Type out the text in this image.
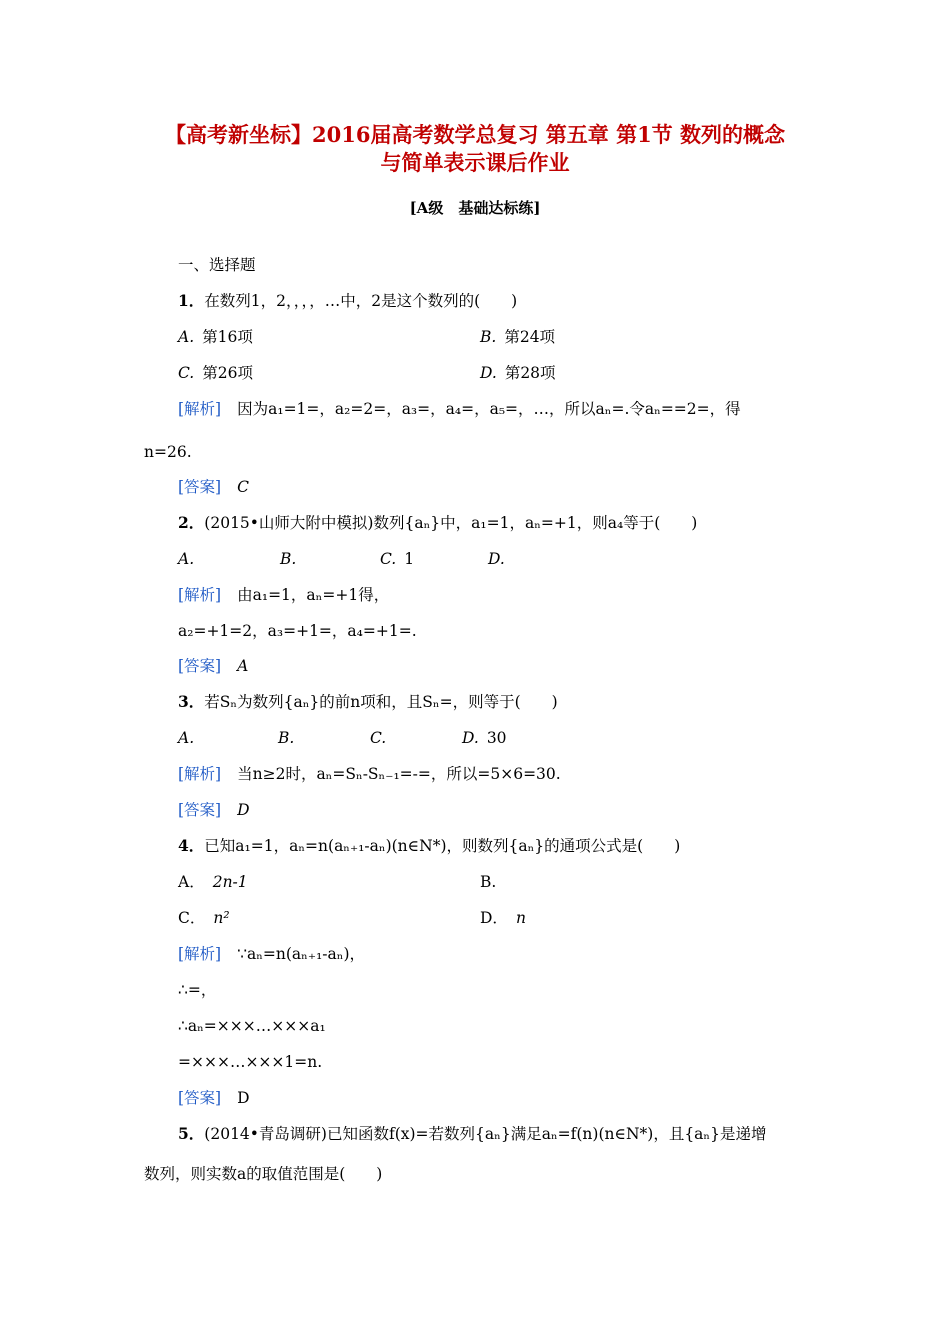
【高考新坐标】2016届高考数学总复习 第五章 第1节 数列的概念
与简单表示课后作业
[A级　基础达标练]
一、选择题
1．在数列1，2，，，，…中，2是这个数列的(　　)
A. 第16项	B. 第24项
C. 第26项	D. 第28项
[解析] 因为a₁=1=，a₂=2=，a₃=，a₄=，a₅=，…，所以aₙ=.令aₙ==2=，得
n=26.
[答案] C
2．(2015•山师大附中模拟)数列{aₙ}中，a₁=1，aₙ=+1，则a₄等于(　　)
A.	B.	C. 1	D.
[解析] 由a₁=1，aₙ=+1得，
a₂=+1=2，a₃=+1=，a₄=+1=.
[答案] A
3．若Sₙ为数列{aₙ}的前n项和，且Sₙ=，则等于(　　)
A.	B.	C.	D. 30
[解析] 当n≥2时，aₙ=Sₙ-Sₙ₋₁=-=，所以=5×6=30.
[答案] D
4．已知a₁=1，aₙ=n(aₙ₊₁-aₙ)(n∈N*)，则数列{aₙ}的通项公式是(　　)
A． 2n-1	B.
C． n²	D． n
[解析] ∵aₙ=n(aₙ₊₁-aₙ)，
∴=，
∴aₙ=×××…×××a₁
=×××…×××1=n.
[答案] D
5．(2014•青岛调研)已知函数f(x)=若数列{aₙ}满足aₙ=f(n)(n∈N*)，且{aₙ}是递增
数列，则实数a的取值范围是(　　)
